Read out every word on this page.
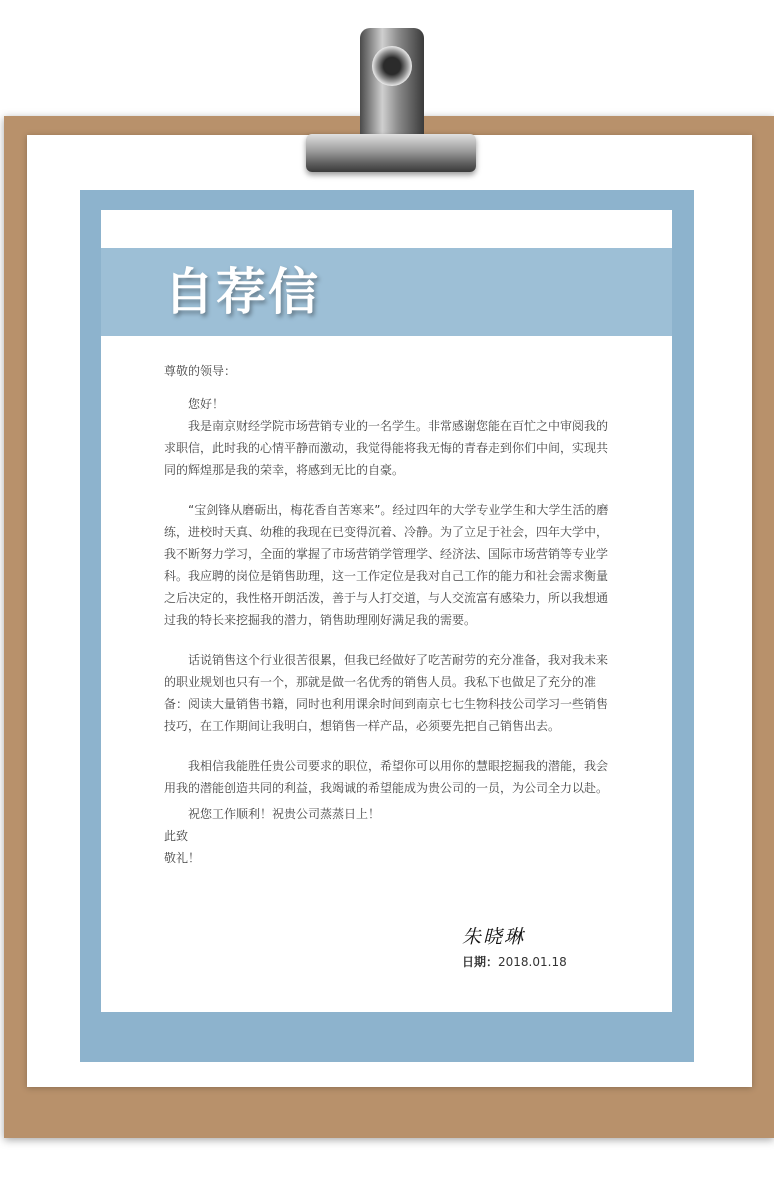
自荐信

尊敬的领导：

您好！

我是南京财经学院市场营销专业的一名学生。非常感谢您能在百忙之中审阅我的求职信，此时我的心情平静而激动，我觉得能将我无悔的青春走到你们中间，实现共同的辉煌那是我的荣幸，将感到无比的自豪。

“宝剑锋从磨砺出，梅花香自苦寒来”。经过四年的大学专业学生和大学生活的磨练，进校时天真、幼稚的我现在已变得沉着、冷静。为了立足于社会，四年大学中，我不断努力学习，全面的掌握了市场营销学管理学、经济法、国际市场营销等专业学科。我应聘的岗位是销售助理，这一工作定位是我对自己工作的能力和社会需求衡量之后决定的，我性格开朗活泼，善于与人打交道，与人交流富有感染力，所以我想通过我的特长来挖掘我的潜力，销售助理刚好满足我的需要。

话说销售这个行业很苦很累，但我已经做好了吃苦耐劳的充分准备，我对我未来的职业规划也只有一个，那就是做一名优秀的销售人员。我私下也做足了充分的准备：阅读大量销售书籍，同时也利用课余时间到南京七七生物科技公司学习一些销售技巧，在工作期间让我明白，想销售一样产品，必须要先把自己销售出去。

我相信我能胜任贵公司要求的职位，希望你可以用你的慧眼挖掘我的潜能，我会用我的潜能创造共同的利益，我竭诚的希望能成为贵公司的一员，为公司全力以赴。

祝您工作顺利！祝贵公司蒸蒸日上！

此致

敬礼！

朱晓琳
日期：2018.01.18
